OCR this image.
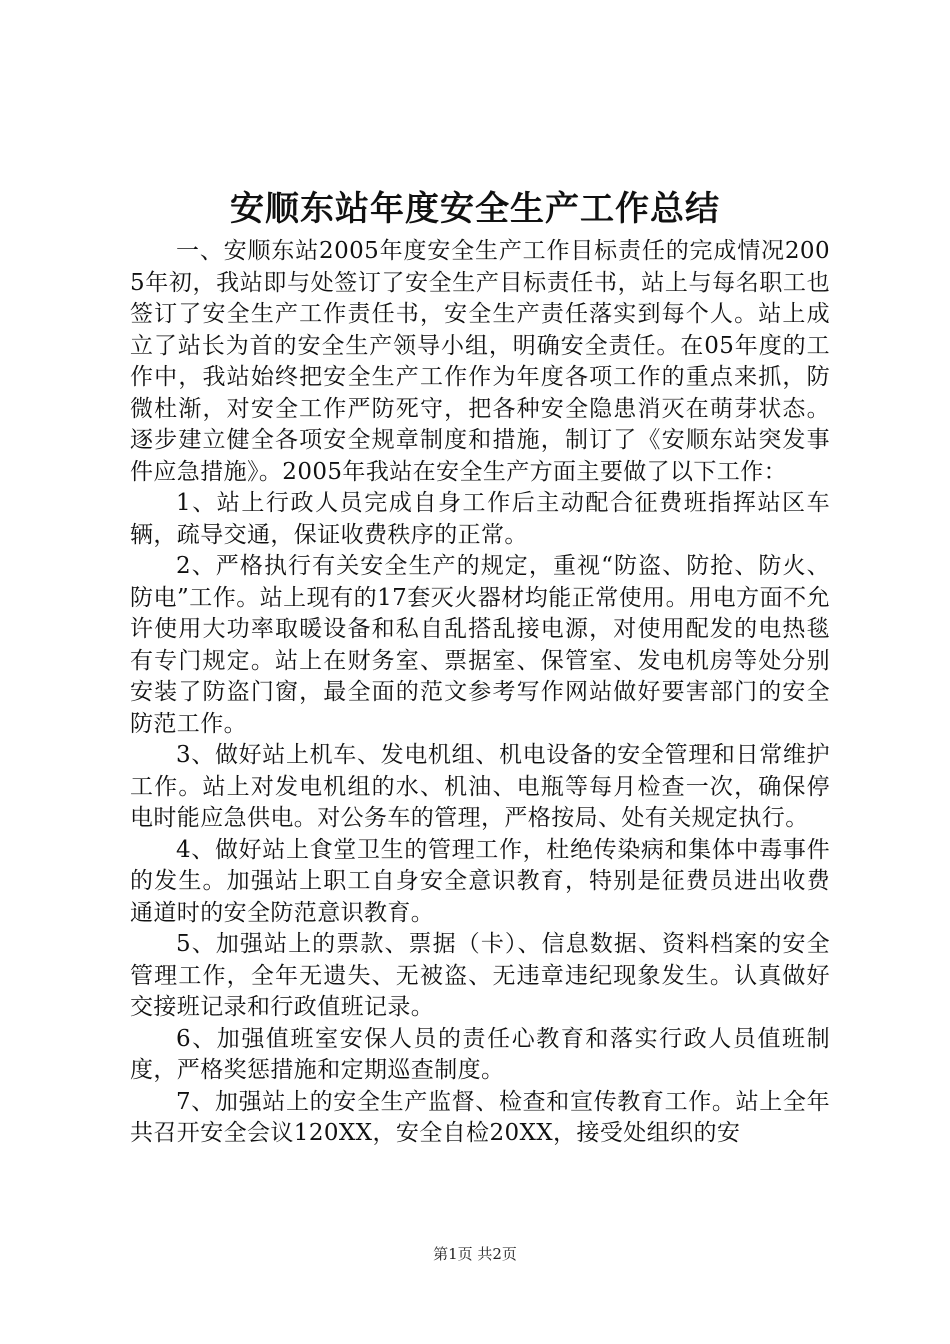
安顺东站年度安全生产工作总结

一、安顺东站2005年度安全生产工作目标责任的完成情况2005年初，我站即与处签订了安全生产目标责任书，站上与每名职工也签订了安全生产工作责任书，安全生产责任落实到每个人。站上成立了站长为首的安全生产领导小组，明确安全责任。在05年度的工作中，我站始终把安全生产工作作为年度各项工作的重点来抓，防微杜渐，对安全工作严防死守，把各种安全隐患消灭在萌芽状态。逐步建立健全各项安全规章制度和措施，制订了《安顺东站突发事件应急措施》。2005年我站在安全生产方面主要做了以下工作：

1、站上行政人员完成自身工作后主动配合征费班指挥站区车辆，疏导交通，保证收费秩序的正常。

2、严格执行有关安全生产的规定，重视“防盗、防抢、防火、防电”工作。站上现有的17套灭火器材均能正常使用。用电方面不允许使用大功率取暖设备和私自乱搭乱接电源，对使用配发的电热毯有专门规定。站上在财务室、票据室、保管室、发电机房等处分别安装了防盗门窗，最全面的范文参考写作网站做好要害部门的安全防范工作。

3、做好站上机车、发电机组、机电设备的安全管理和日常维护工作。站上对发电机组的水、机油、电瓶等每月检查一次，确保停电时能应急供电。对公务车的管理，严格按局、处有关规定执行。

4、做好站上食堂卫生的管理工作，杜绝传染病和集体中毒事件的发生。加强站上职工自身安全意识教育，特别是征费员进出收费通道时的安全防范意识教育。

5、加强站上的票款、票据（卡）、信息数据、资料档案的安全管理工作，全年无遗失、无被盗、无违章违纪现象发生。认真做好交接班记录和行政值班记录。

6、加强值班室安保人员的责任心教育和落实行政人员值班制度，严格奖惩措施和定期巡查制度。

7、加强站上的安全生产监督、检查和宣传教育工作。站上全年共召开安全会议120XX，安全自检20XX，接受处组织的安

第1页 共2页
